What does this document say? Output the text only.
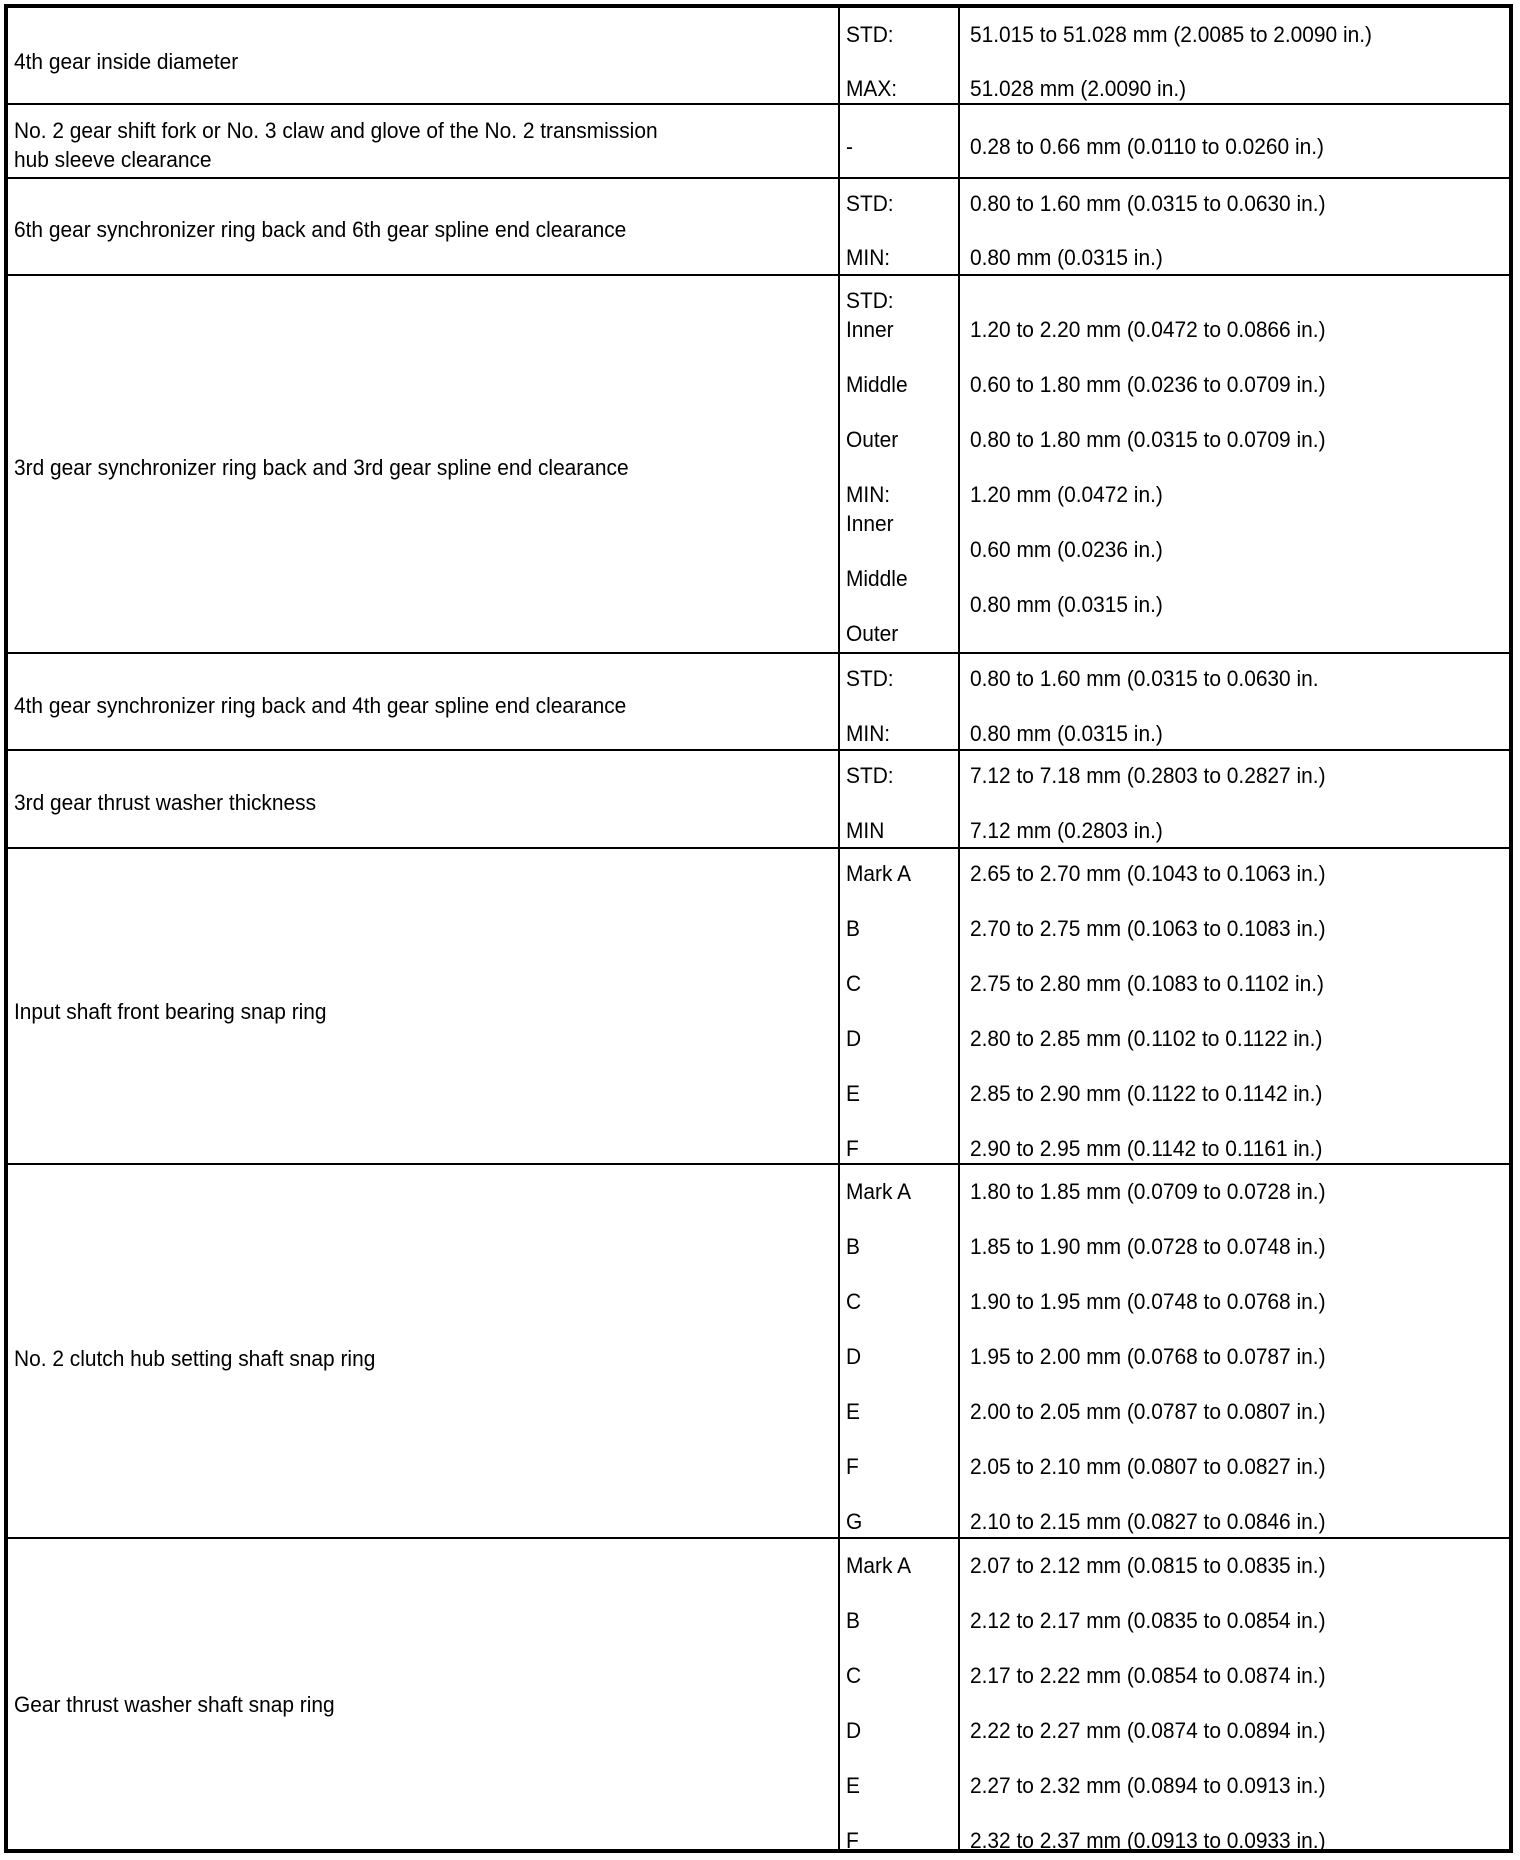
4th gear inside diameter
STD:
MAX:
51.015 to 51.028 mm (2.0085 to 2.0090 in.)
51.028 mm (2.0090 in.)
No. 2 gear shift fork or No. 3 claw and glove of the No. 2 transmission
hub sleeve clearance
-	0.28 to 0.66 mm (0.0110 to 0.0260 in.)
6th gear synchronizer ring back and 6th gear spline end clearance
STD:
MIN:
0.80 to 1.60 mm (0.0315 to 0.0630 in.)
0.80 mm (0.0315 in.)
3rd gear synchronizer ring back and 3rd gear spline end clearance
STD:
Inner
Middle
Outer
MIN:
Inner
Middle
Outer
1.20 to 2.20 mm (0.0472 to 0.0866 in.)
0.60 to 1.80 mm (0.0236 to 0.0709 in.)
0.80 to 1.80 mm (0.0315 to 0.0709 in.)
1.20 mm (0.0472 in.)
0.60 mm (0.0236 in.)
0.80 mm (0.0315 in.)
4th gear synchronizer ring back and 4th gear spline end clearance
STD:
MIN:
0.80 to 1.60 mm (0.0315 to 0.0630 in.
0.80 mm (0.0315 in.)
3rd gear thrust washer thickness
STD:
MIN
7.12 to 7.18 mm (0.2803 to 0.2827 in.)
7.12 mm (0.2803 in.)
Input shaft front bearing snap ring
Mark A
B
C
D
E
F
2.65 to 2.70 mm (0.1043 to 0.1063 in.)
2.70 to 2.75 mm (0.1063 to 0.1083 in.)
2.75 to 2.80 mm (0.1083 to 0.1102 in.)
2.80 to 2.85 mm (0.1102 to 0.1122 in.)
2.85 to 2.90 mm (0.1122 to 0.1142 in.)
2.90 to 2.95 mm (0.1142 to 0.1161 in.)
No. 2 clutch hub setting shaft snap ring
Mark A
B
C
D
E
F
G
1.80 to 1.85 mm (0.0709 to 0.0728 in.)
1.85 to 1.90 mm (0.0728 to 0.0748 in.)
1.90 to 1.95 mm (0.0748 to 0.0768 in.)
1.95 to 2.00 mm (0.0768 to 0.0787 in.)
2.00 to 2.05 mm (0.0787 to 0.0807 in.)
2.05 to 2.10 mm (0.0807 to 0.0827 in.)
2.10 to 2.15 mm (0.0827 to 0.0846 in.)
Gear thrust washer shaft snap ring
Mark A
B
C
D
E
F
2.07 to 2.12 mm (0.0815 to 0.0835 in.)
2.12 to 2.17 mm (0.0835 to 0.0854 in.)
2.17 to 2.22 mm (0.0854 to 0.0874 in.)
2.22 to 2.27 mm (0.0874 to 0.0894 in.)
2.27 to 2.32 mm (0.0894 to 0.0913 in.)
2.32 to 2.37 mm (0.0913 to 0.0933 in.)
